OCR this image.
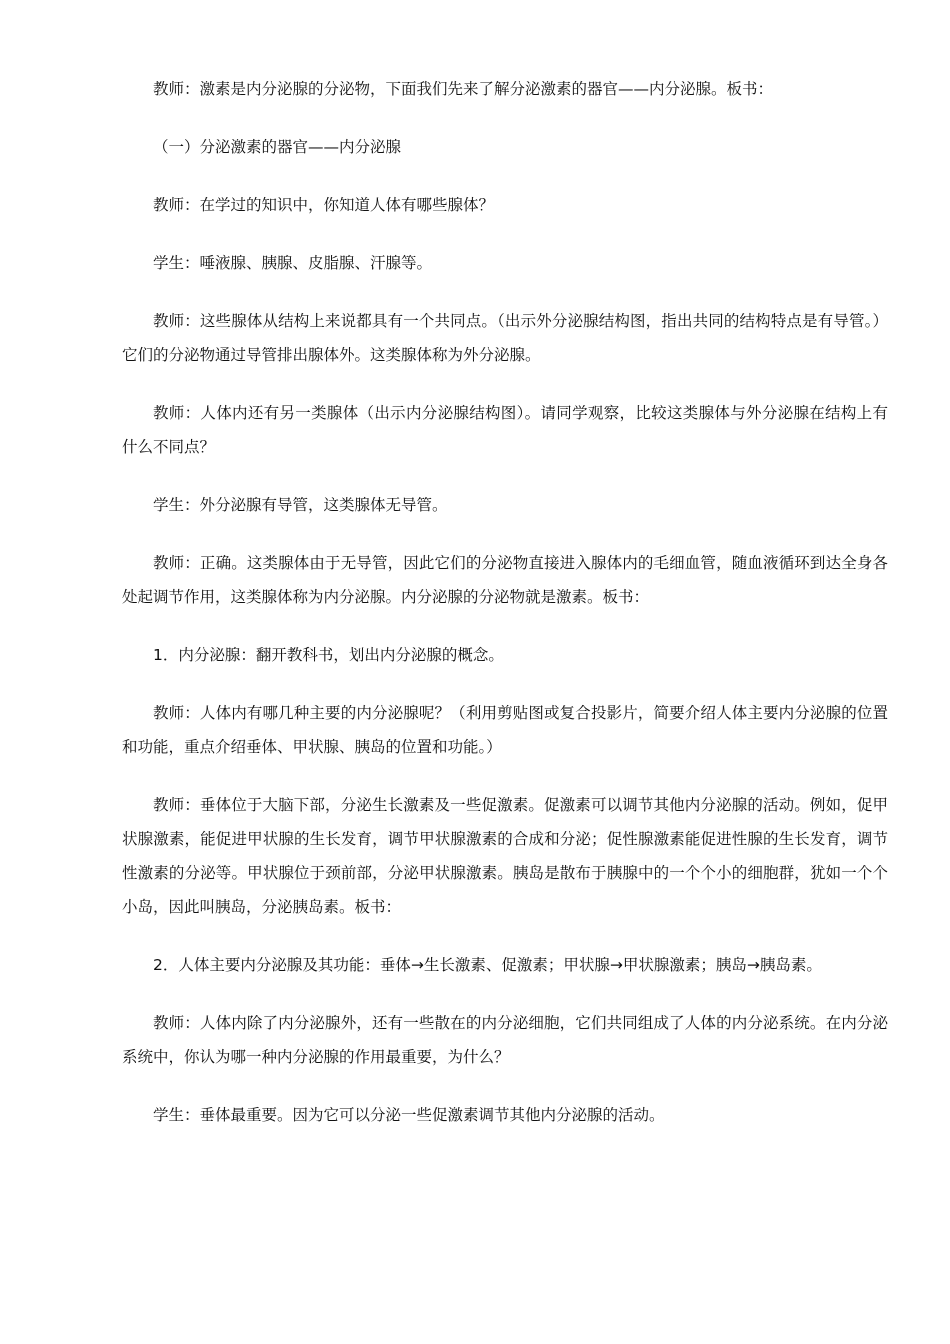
教师：激素是内分泌腺的分泌物，下面我们先来了解分泌激素的器官——内分泌腺。板书：

（一）分泌激素的器官——内分泌腺

教师：在学过的知识中，你知道人体有哪些腺体？

学生：唾液腺、胰腺、皮脂腺、汗腺等。

教师：这些腺体从结构上来说都具有一个共同点。（出示外分泌腺结构图，指出共同的结构特点是有导管。）它们的分泌物通过导管排出腺体外。这类腺体称为外分泌腺。

教师：人体内还有另一类腺体（出示内分泌腺结构图）。请同学观察，比较这类腺体与外分泌腺在结构上有什么不同点？

学生：外分泌腺有导管，这类腺体无导管。

教师：正确。这类腺体由于无导管，因此它们的分泌物直接进入腺体内的毛细血管，随血液循环到达全身各处起调节作用，这类腺体称为内分泌腺。内分泌腺的分泌物就是激素。板书：

1．内分泌腺：翻开教科书，划出内分泌腺的概念。

教师：人体内有哪几种主要的内分泌腺呢？（利用剪贴图或复合投影片，简要介绍人体主要内分泌腺的位置和功能，重点介绍垂体、甲状腺、胰岛的位置和功能。）

教师：垂体位于大脑下部，分泌生长激素及一些促激素。促激素可以调节其他内分泌腺的活动。例如，促甲状腺激素，能促进甲状腺的生长发育，调节甲状腺激素的合成和分泌；促性腺激素能促进性腺的生长发育，调节性激素的分泌等。甲状腺位于颈前部，分泌甲状腺激素。胰岛是散布于胰腺中的一个个小的细胞群，犹如一个个小岛，因此叫胰岛，分泌胰岛素。板书：

2．人体主要内分泌腺及其功能：垂体→生长激素、促激素；甲状腺→甲状腺激素；胰岛→胰岛素。

教师：人体内除了内分泌腺外，还有一些散在的内分泌细胞，它们共同组成了人体的内分泌系统。在内分泌系统中，你认为哪一种内分泌腺的作用最重要，为什么？

学生：垂体最重要。因为它可以分泌一些促激素调节其他内分泌腺的活动。
